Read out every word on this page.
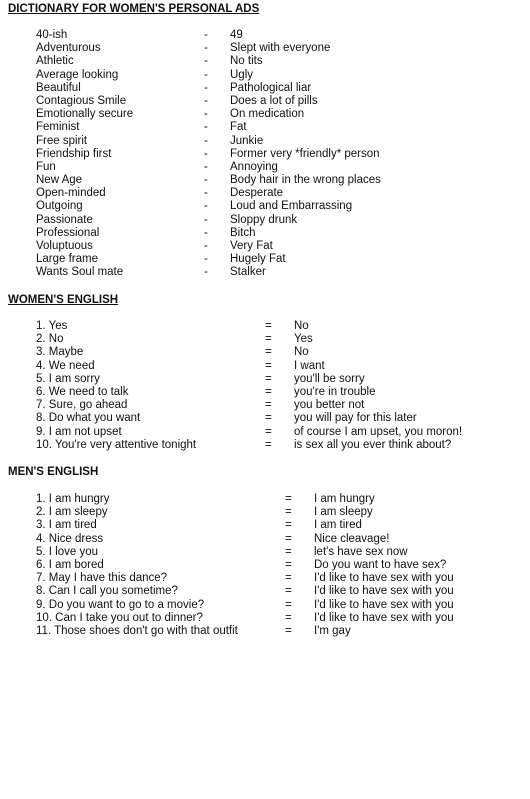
DICTIONARY FOR WOMEN'S PERSONAL ADS
40-ish	- 49
Adventurous	- Slept with everyone
Athletic	- No tits
Average looking	- Ugly
Beautiful	- Pathological liar
Contagious Smile	- Does a lot of pills
Emotionally secure	- On medication
Feminist	- Fat
Free spirit	- Junkie
Friendship first	- Former very *friendly* person
Fun	- Annoying
New Age	- Body hair in the wrong places
Open-minded	- Desperate
Outgoing	- Loud and Embarrassing
Passionate	- Sloppy drunk
Professional	- Bitch
Voluptuous	- Very Fat
Large frame	- Hugely Fat
Wants Soul mate	- Stalker
WOMEN'S ENGLISH
1. Yes	= No
2. No	= Yes
3. Maybe	= No
4. We need	= I want
5. I am sorry	= you'll be sorry
6. We need to talk	= you're in trouble
7. Sure, go ahead	= you better not
8. Do what you want	= you will pay for this later
9. I am not upset	= of course I am upset, you moron!
10. You're very attentive tonight	= is sex all you ever think about?
MEN'S ENGLISH
1. I am hungry	= I am hungry
2. I am sleepy	= I am sleepy
3. I am tired	= I am tired
4. Nice dress	= Nice cleavage!
5. I love you	= let's have sex now
6. I am bored	= Do you want to have sex?
7. May I have this dance?	= I'd like to have sex with you
8. Can I call you sometime?	= I'd like to have sex with you
9. Do you want to go to a movie?	= I'd like to have sex with you
10. Can I take you out to dinner?	= I'd like to have sex with you
11. Those shoes don't go with that outfit	= I'm gay
